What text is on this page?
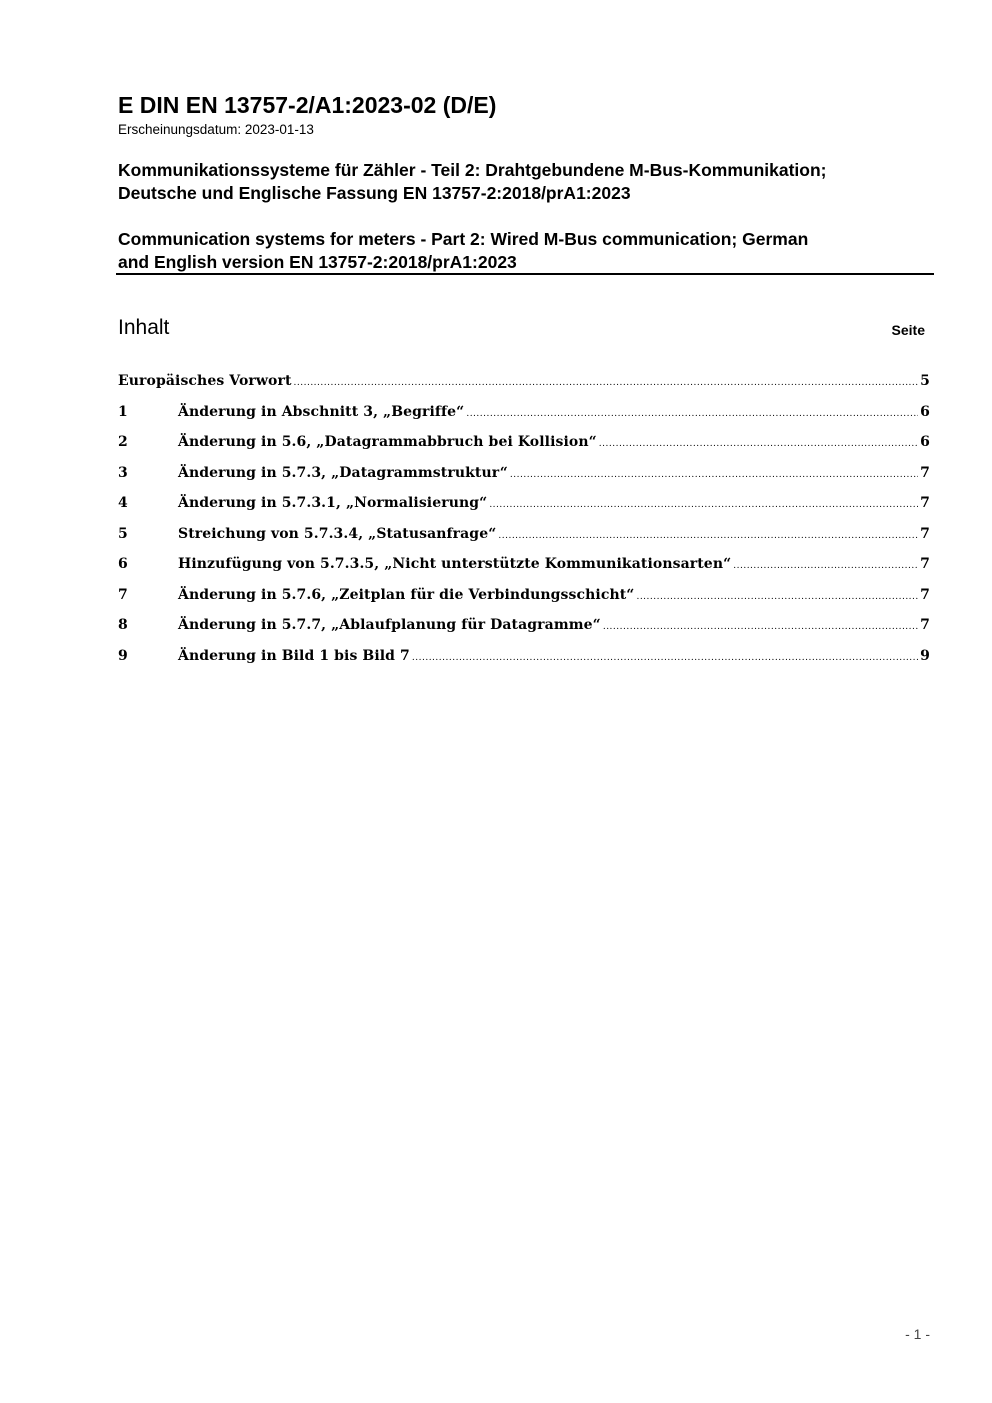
E DIN EN 13757-2/A1:2023-02 (D/E)
Erscheinungsdatum: 2023-01-13
Kommunikationssysteme für Zähler - Teil 2: Drahtgebundene M-Bus-Kommunikation;
Deutsche und Englische Fassung EN 13757-2:2018/prA1:2023
Communication systems for meters - Part 2: Wired M-Bus communication; German
and English version EN 13757-2:2018/prA1:2023
Inhalt	Seite
Europäisches Vorwort .....	5
1	Änderung in Abschnitt 3, „Begriffe“ .....	6
2	Änderung in 5.6, „Datagrammabbruch bei Kollision“ .....	6
3	Änderung in 5.7.3, „Datagrammstruktur“ .....	7
4	Änderung in 5.7.3.1, „Normalisierung“ .....	7
5	Streichung von 5.7.3.4, „Statusanfrage“ .....	7
6	Hinzufügung von 5.7.3.5, „Nicht unterstützte Kommunikationsarten“ .....	7
7	Änderung in 5.7.6, „Zeitplan für die Verbindungsschicht“ .....	7
8	Änderung in 5.7.7, „Ablaufplanung für Datagramme“ .....	7
9	Änderung in Bild 1 bis Bild 7 .....	9
- 1 -
